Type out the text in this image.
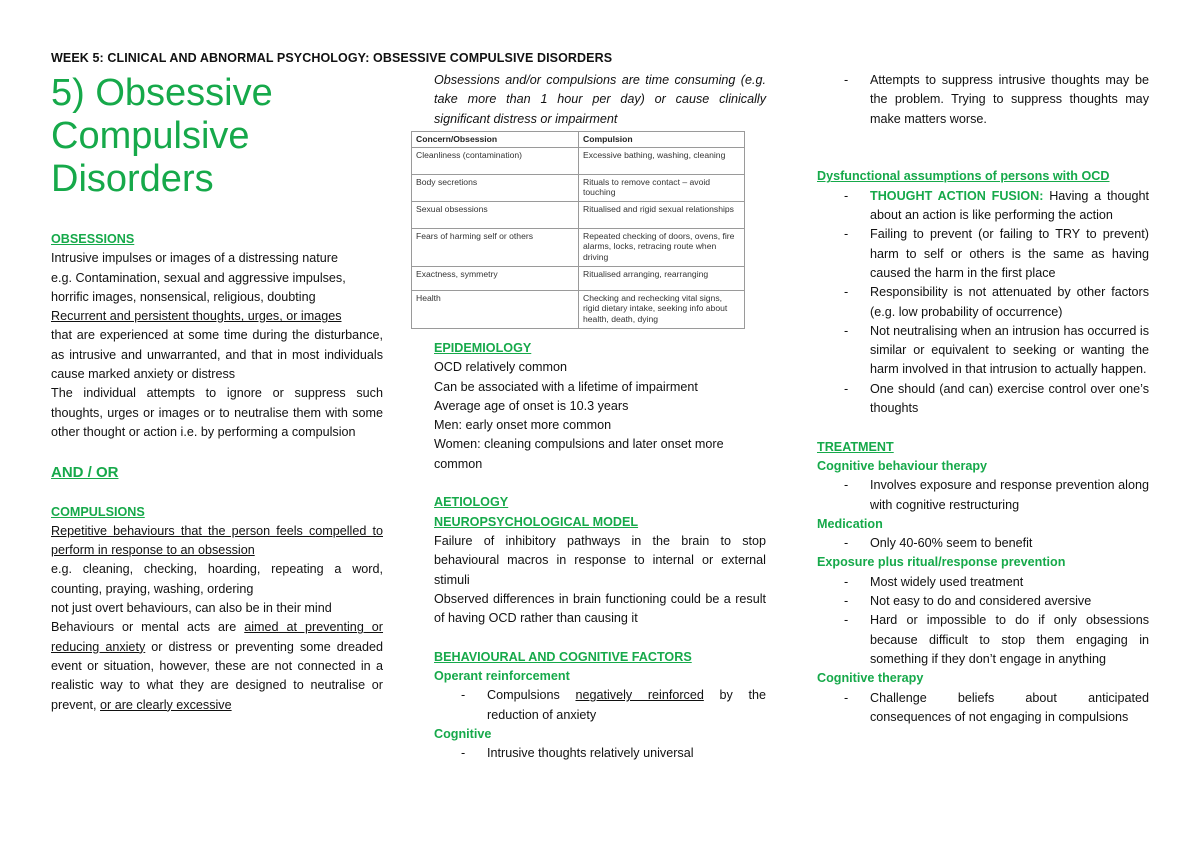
WEEK 5: CLINICAL AND ABNORMAL PSYCHOLOGY: OBSESSIVE COMPULSIVE DISORDERS
5) Obsessive
Compulsive
Disorders

OBSESSIONS

Intrusive impulses or images of a distressing nature

e.g. Contamination, sexual and aggressive impulses,

horrific images, nonsensical, religious, doubting

Recurrent and persistent thoughts, urges, or images

that are experienced at some time during the disturbance, as intrusive and unwarranted, and that in most individuals cause marked anxiety or distress

The individual attempts to ignore or suppress such thoughts, urges or images or to neutralise them with some other thought or action i.e. by performing a compulsion

AND / OR

COMPULSIONS

Repetitive behaviours that the person feels compelled to perform in response to an obsession

e.g. cleaning, checking, hoarding, repeating a word, counting, praying, washing, ordering

not just overt behaviours, can also be in their mind

Behaviours or mental acts are aimed at preventing or reducing anxiety or distress or preventing some dreaded event or situation, however, these are not connected in a realistic way to what they are designed to neutralise or prevent, or are clearly excessive

Obsessions and/or compulsions are time consuming (e.g. take more than 1 hour per day) or cause clinically significant distress or impairment

Concern/Obsession	Compulsion
Cleanliness (contamination)	Excessive bathing, washing, cleaning
Body secretions	Rituals to remove contact – avoid touching
Sexual obsessions	Ritualised and rigid sexual relationships
Fears of harming self or others	Repeated checking of doors, ovens, fire alarms, locks, retracing route when driving
Exactness, symmetry	Ritualised arranging, rearranging
Health	Checking and rechecking vital signs, rigid dietary intake, seeking info about health, death, dying

EPIDEMIOLOGY

OCD relatively common

Can be associated with a lifetime of impairment

Average age of onset is 10.3 years

Men: early onset more common

Women: cleaning compulsions and later onset more common

AETIOLOGY

NEUROPSYCHOLOGICAL MODEL

Failure of inhibitory pathways in the brain to stop behavioural macros in response to internal or external stimuli

Observed differences in brain functioning could be a result of having OCD rather than causing it

BEHAVIOURAL AND COGNITIVE FACTORS

Operant reinforcement

- Compulsions negatively reinforced by the reduction of anxiety

Cognitive

- Intrusive thoughts relatively universal
- Attempts to suppress intrusive thoughts may be the problem. Trying to suppress thoughts may make matters worse.

Dysfunctional assumptions of persons with OCD

- THOUGHT ACTION FUSION: Having a thought about an action is like performing the action
- Failing to prevent (or failing to TRY to prevent) harm to self or others is the same as having caused the harm in the first place
- Responsibility is not attenuated by other factors (e.g. low probability of occurrence)
- Not neutralising when an intrusion has occurred is similar or equivalent to seeking or wanting the harm involved in that intrusion to actually happen.
- One should (and can) exercise control over one’s thoughts

TREATMENT

Cognitive behaviour therapy

- Involves exposure and response prevention along with cognitive restructuring

Medication

- Only 40-60% seem to benefit

Exposure plus ritual/response prevention

- Most widely used treatment
- Not easy to do and considered aversive
- Hard or impossible to do if only obsessions because difficult to stop them engaging in something if they don’t engage in anything

Cognitive therapy

- Challenge beliefs about anticipated consequences of not engaging in compulsions
